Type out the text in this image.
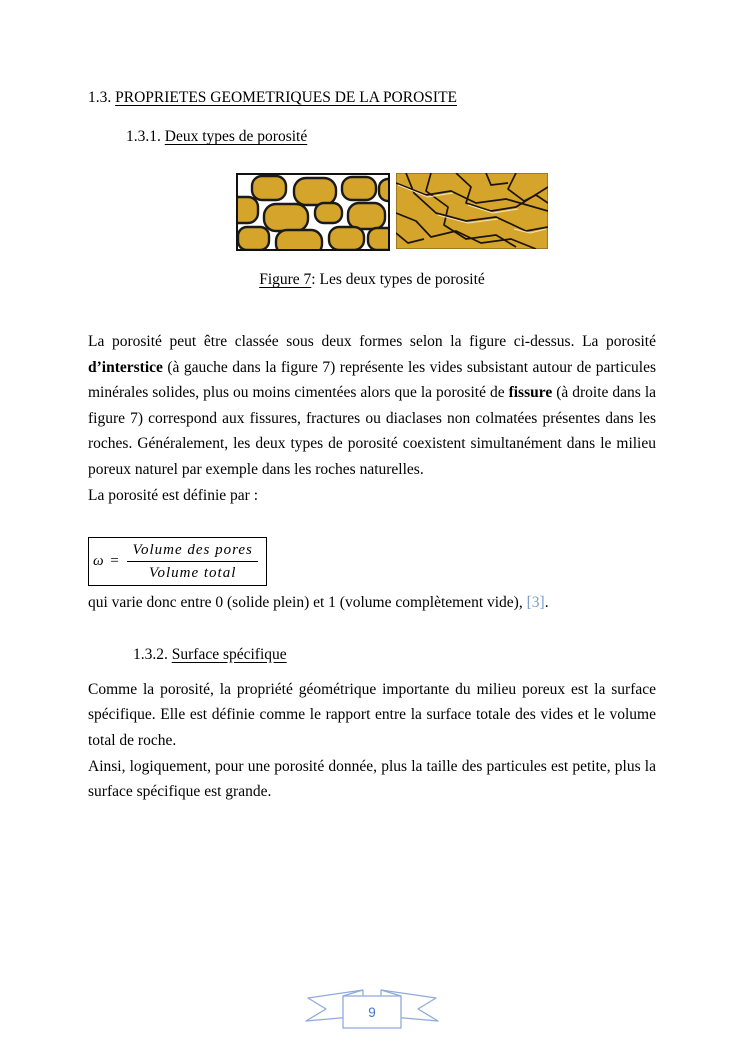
1.3. PROPRIETES GEOMETRIQUES DE LA POROSITE
1.3.1. Deux types de porosité
Figure 7: Les deux types de porosité

La porosité peut être classée sous deux formes selon la figure ci-dessus. La porosité d’interstice (à gauche dans la figure 7) représente les vides subsistant autour de particules minérales solides, plus ou moins cimentées alors que la porosité de fissure (à droite dans la figure 7) correspond aux fissures, fractures ou diaclases non colmatées présentes dans les roches. Généralement, les deux types de porosité coexistent simultanément dans le milieu poreux naturel par exemple dans les roches naturelles.

La porosité est définie par :

$\omega = \frac{\text{Volume des pores}}{\text{Volume total}}$

qui varie donc entre 0 (solide plein) et 1 (volume complètement vide), [3].

1.3.2. Surface spécifique

Comme la porosité, la propriété géométrique importante du milieu poreux est la surface spécifique. Elle est définie comme le rapport entre la surface totale des vides et le volume total de roche.

Ainsi, logiquement, pour une porosité donnée, plus la taille des particules est petite, plus la surface spécifique est grande.

9
